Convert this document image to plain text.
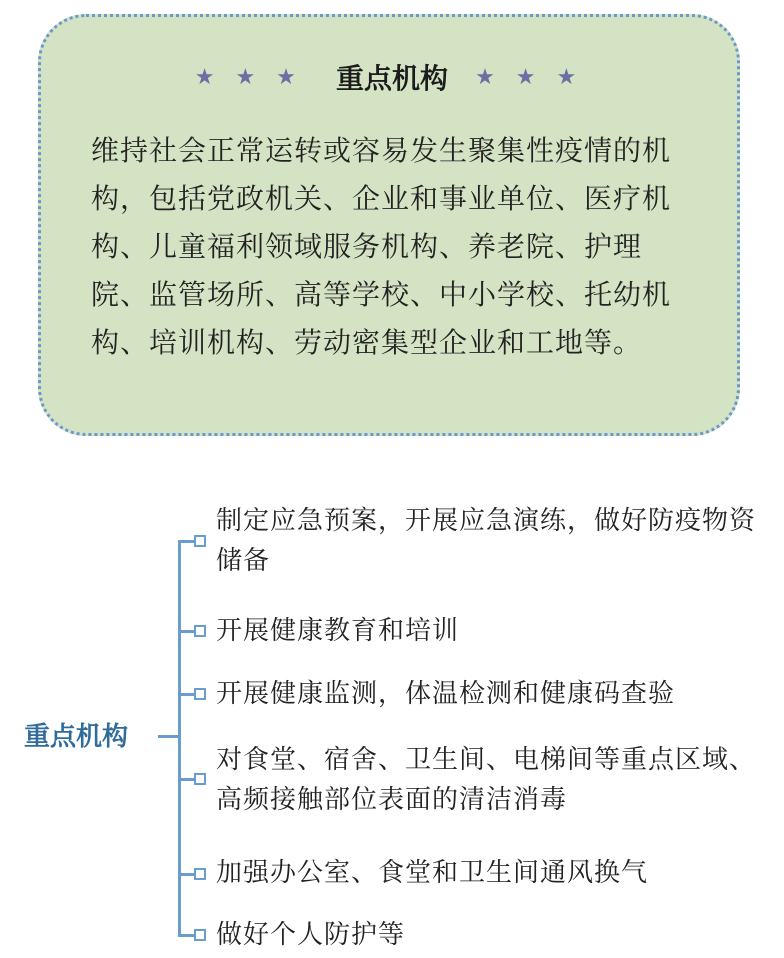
★ ★ ★ 重点机构 ★ ★ ★
维持社会正常运转或容易发生聚集性疫情的机构，包括党政机关、企业和事业单位、医疗机构、儿童福利领域服务机构、养老院、护理院、监管场所、高等学校、中小学校、托幼机构、培训机构、劳动密集型企业和工地等。
重点机构
制定应急预案，开展应急演练，做好防疫物资储备
开展健康教育和培训
开展健康监测，体温检测和健康码查验
对食堂、宿舍、卫生间、电梯间等重点区域、高频接触部位表面的清洁消毒
加强办公室、食堂和卫生间通风换气
做好个人防护等
